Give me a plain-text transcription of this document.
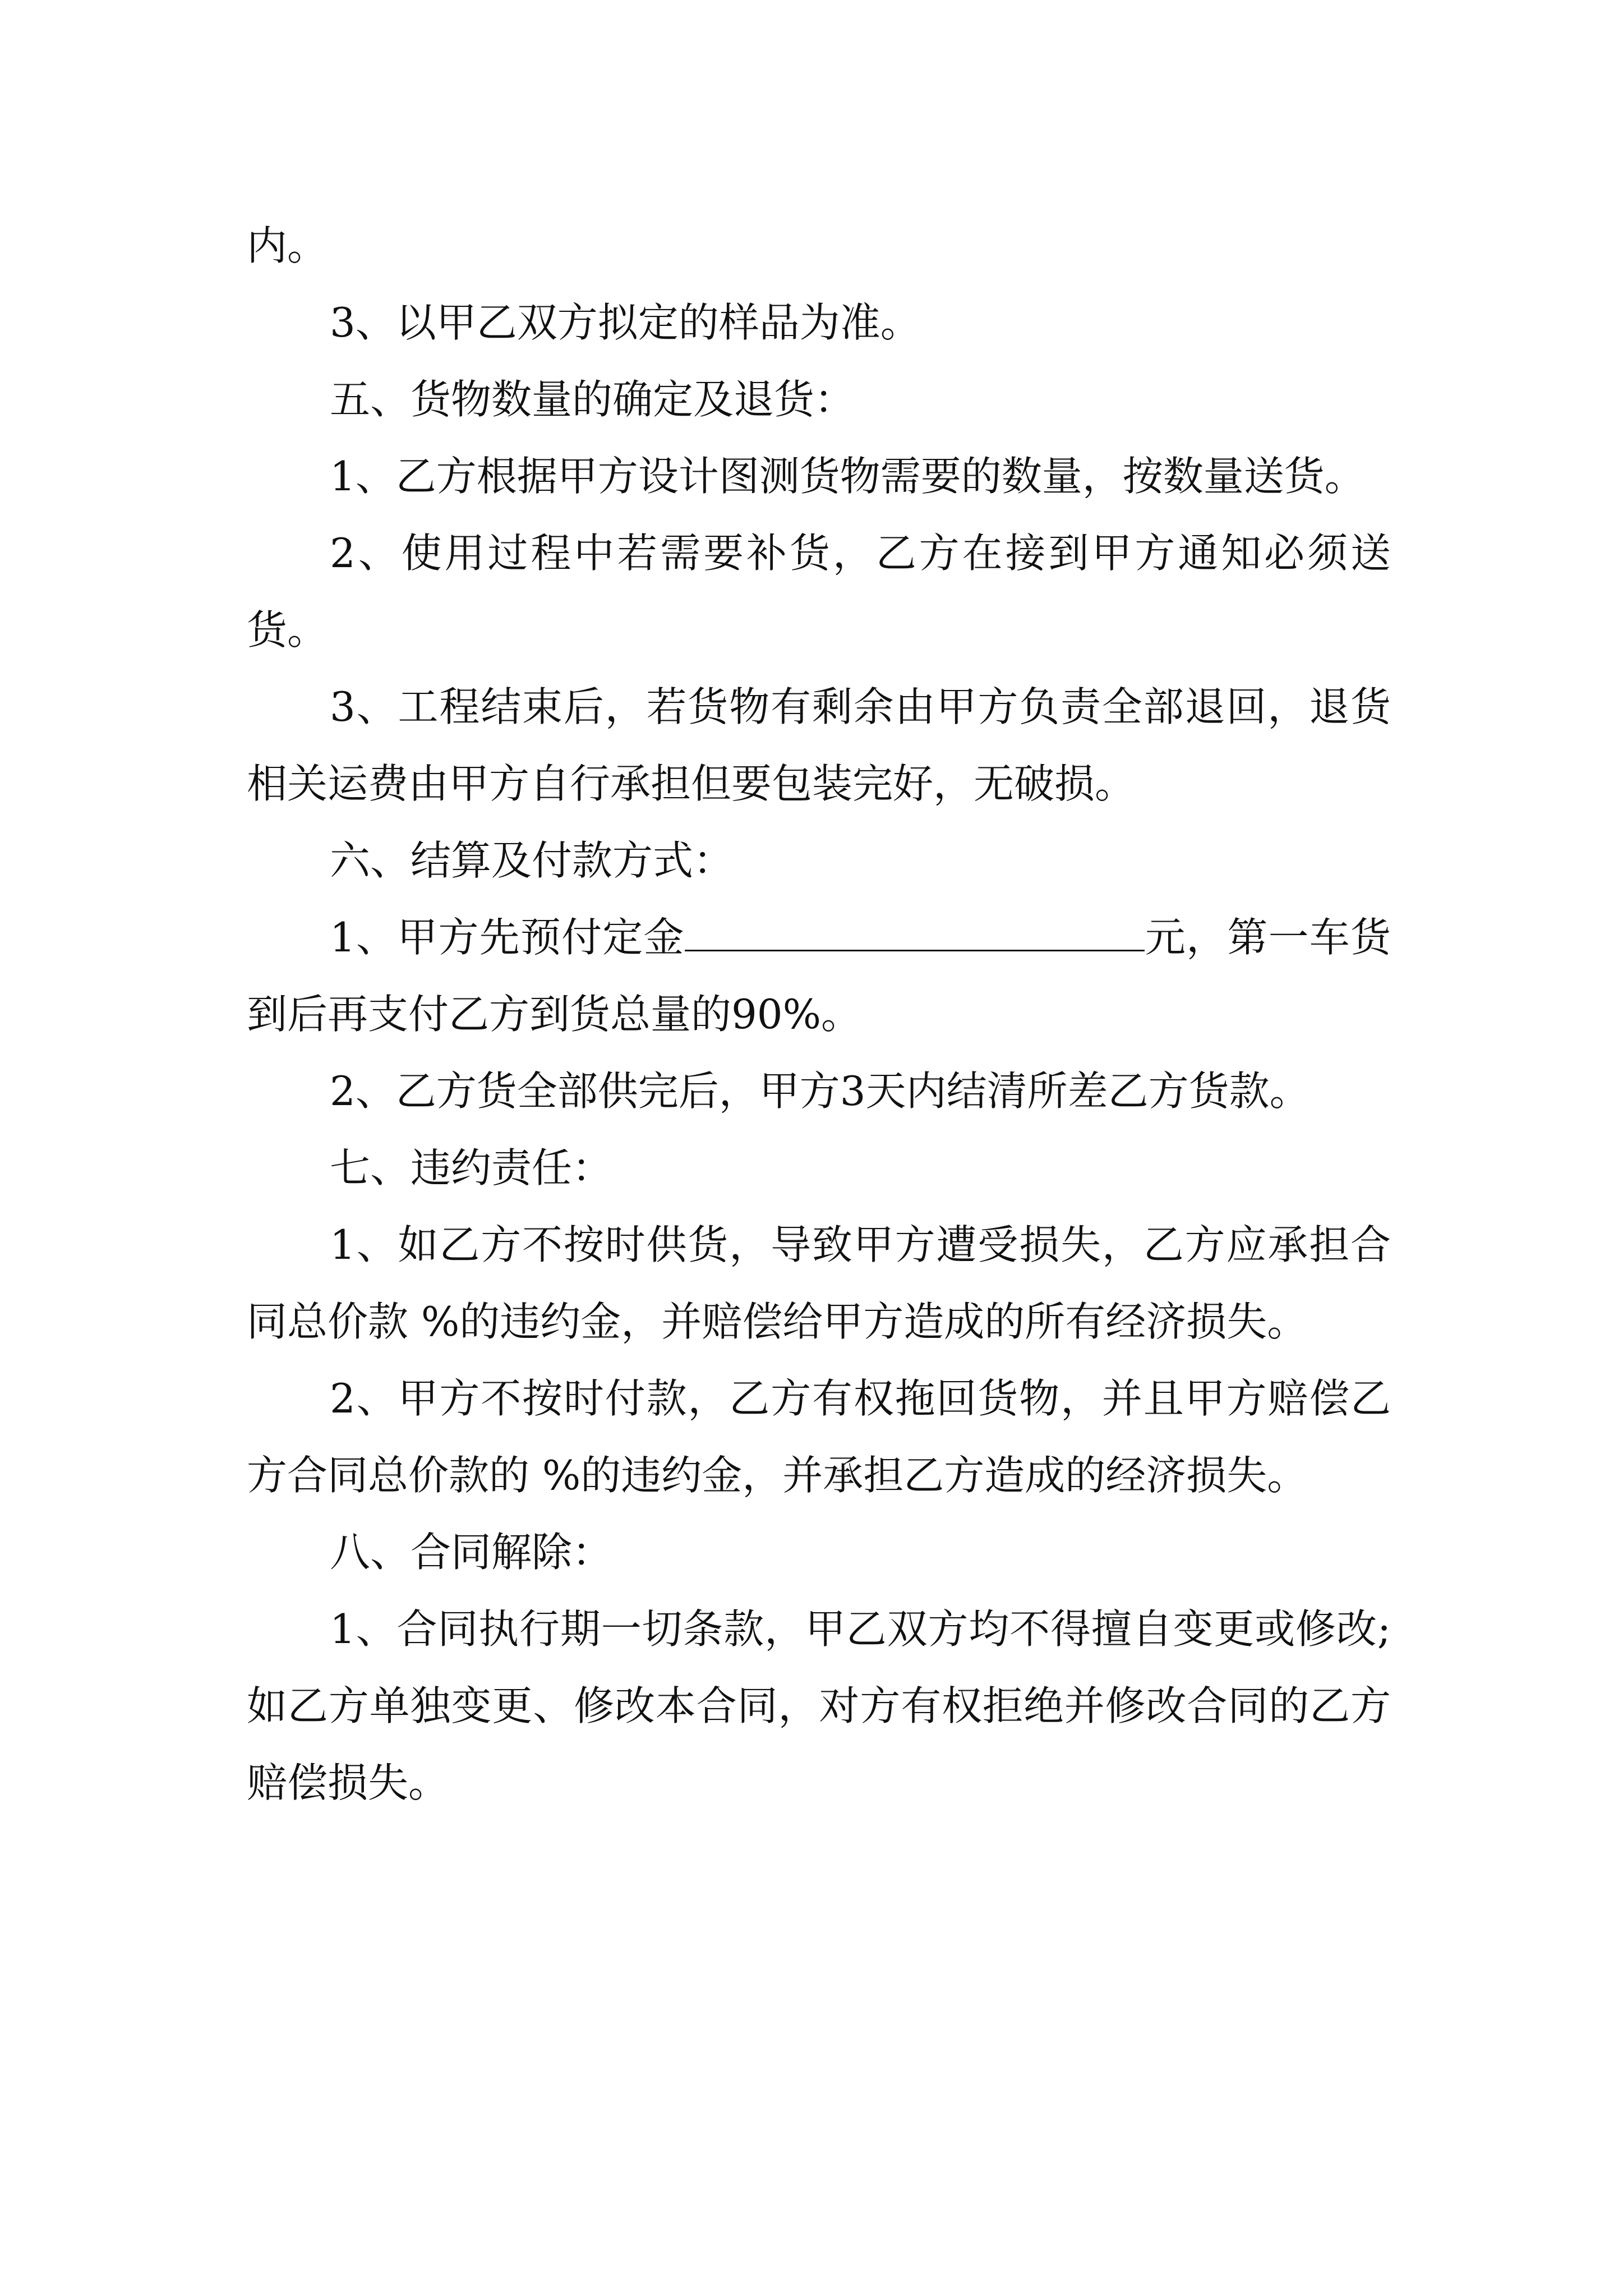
内。

3、以甲乙双方拟定的样品为准。

五、货物数量的确定及退货：

1、乙方根据甲方设计图测货物需要的数量，按数量送货。

2、使用过程中若需要补货，乙方在接到甲方通知必须送货。

3、工程结束后，若货物有剩余由甲方负责全部退回，退货相关运费由甲方自行承担但要包装完好，无破损。

六、结算及付款方式：

1、甲方先预付定金	元，第一车货到后再支付乙方到货总量的90%。

2、乙方货全部供完后，甲方3天内结清所差乙方货款。

七、违约责任：

1、如乙方不按时供货，导致甲方遭受损失，乙方应承担合同总价款 %的违约金，并赔偿给甲方造成的所有经济损失。

2、甲方不按时付款，乙方有权拖回货物，并且甲方赔偿乙方合同总价款的 %的违约金，并承担乙方造成的经济损失。

八、合同解除：

1、合同执行期一切条款，甲乙双方均不得擅自变更或修改;如乙方单独变更、修改本合同，对方有权拒绝并修改合同的乙方赔偿损失。
